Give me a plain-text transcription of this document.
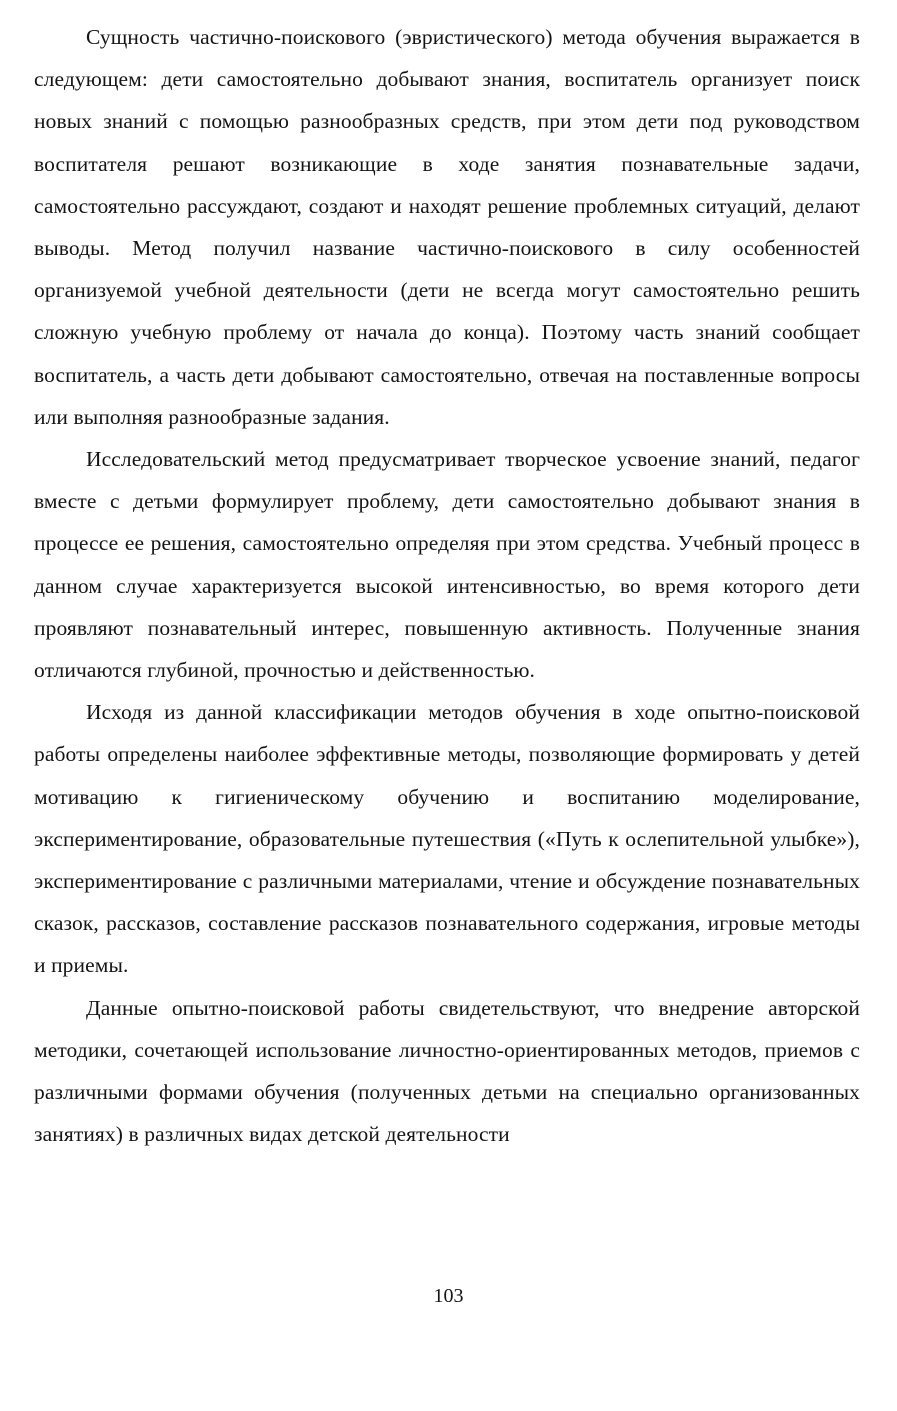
Сущность частично-поискового (эвристического) метода обучения выражается в следующем: дети самостоятельно добывают знания, воспитатель организует поиск новых знаний с помощью разнообразных средств, при этом дети под руководством воспитателя решают возникающие в ходе занятия познавательные задачи, самостоятельно рассуждают, создают и находят решение проблемных ситуаций, делают выводы. Метод получил название частично-поискового в силу особенностей организуемой учебной деятельности (дети не всегда могут самостоятельно решить сложную учебную проблему от начала до конца). Поэтому часть знаний сообщает воспитатель, а часть дети добывают самостоятельно, отвечая на поставленные вопросы или выполняя разнообразные задания.

Исследовательский метод предусматривает творческое усвоение знаний, педагог вместе с детьми формулирует проблему, дети самостоятельно добывают знания в процессе ее решения, самостоятельно определяя при этом средства. Учебный процесс в данном случае характеризуется высокой интенсивностью, во время которого дети проявляют познавательный интерес, повышенную активность. Полученные знания отличаются глубиной, прочностью и действенностью.

Исходя из данной классификации методов обучения в ходе опытно-поисковой работы определены наиболее эффективные методы, позволяющие формировать у детей мотивацию к гигиеническому обучению и воспитанию моделирование, экспериментирование, образовательные путешествия («Путь к ослепительной улыбке»), экспериментирование с различными материалами, чтение и обсуждение познавательных сказок, рассказов, составление рассказов познавательного содержания, игровые методы и приемы.

Данные опытно-поисковой работы свидетельствуют, что внедрение авторской методики, сочетающей использование личностно-ориентированных методов, приемов с различными формами обучения (полученных детьми на специально организованных занятиях) в различных видах детской деятельности

103
